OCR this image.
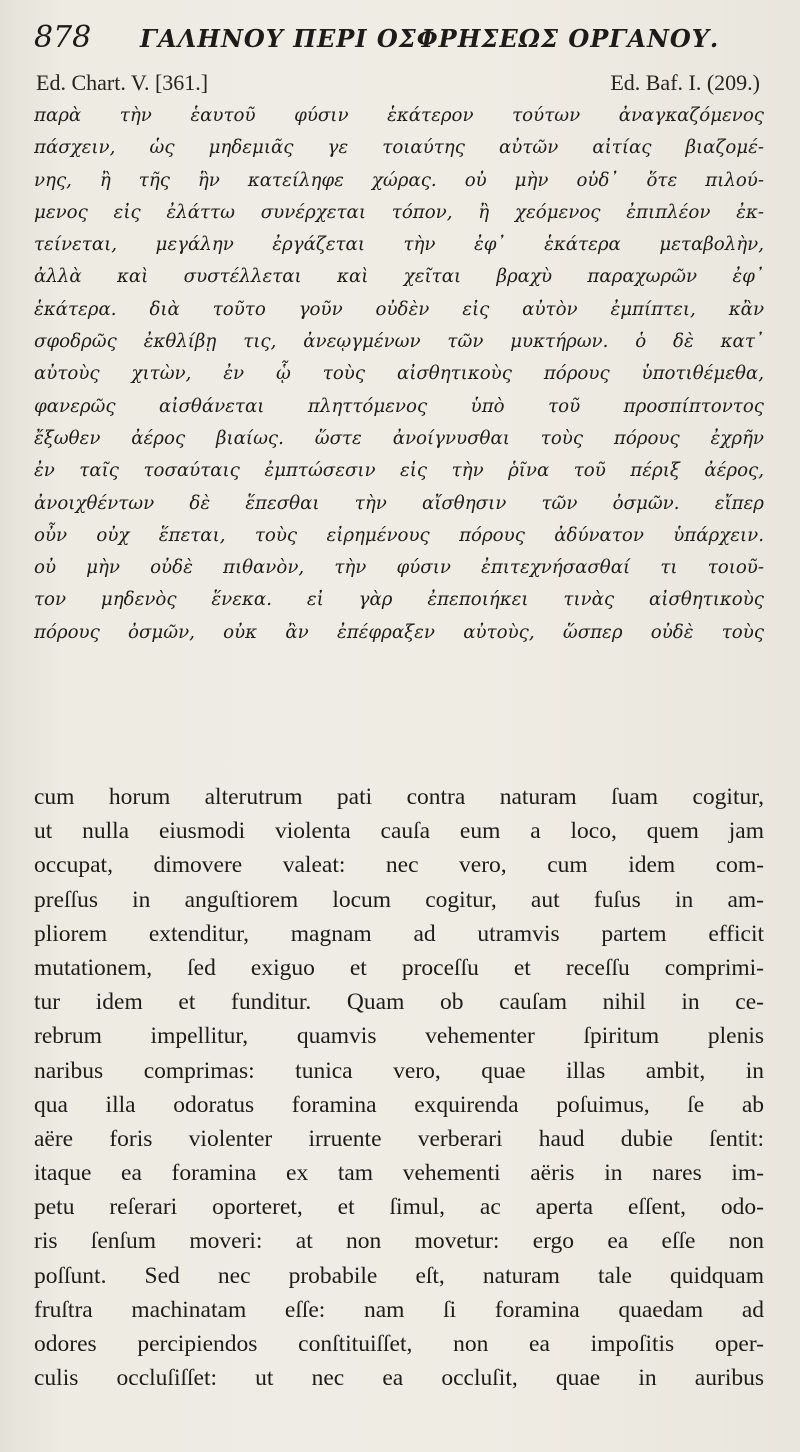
878 ΓΑΛΗΝΟΥ ΠΕΡΙ ΟΣΦΡΗΣΕΩΣ ΟΡΓΑΝΟΥ.
Ed. Chart. V. [361.]	Ed. Baf. I. (209.)
παρὰ τὴν ἑαυτοῦ φύσιν ἑκάτερον τούτων ἀναγκαζόμενος
πάσχειν, ὡς μηδεμιᾶς γε τοιαύτης αὐτῶν αἰτίας βιαζομέ-
νης, ἢ τῆς ἣν κατείληφε χώρας. οὐ μὴν οὐδ᾽ ὅτε πιλού-
μενος εἰς ἐλάττω συνέρχεται τόπον, ἢ χεόμενος ἐπιπλέον ἐκ-
τείνεται, μεγάλην ἐργάζεται τὴν ἐφ᾽ ἑκάτερα μεταβολὴν,
ἀλλὰ καὶ συστέλλεται καὶ χεῖται βραχὺ παραχωρῶν ἐφ᾽
ἑκάτερα. διὰ τοῦτο γοῦν οὐδὲν εἰς αὐτὸν ἐμπίπτει, κἂν
σφοδρῶς ἐκθλίβῃ τις, ἀνεῳγμένων τῶν μυκτήρων. ὁ δὲ κατ᾽
αὐτοὺς χιτὼν, ἐν ᾧ τοὺς αἰσθητικοὺς πόρους ὑποτιθέμεθα,
φανερῶς αἰσθάνεται πληττόμενος ὑπὸ τοῦ προσπίπτοντος
ἔξωθεν ἀέρος βιαίως. ὥστε ἀνοίγνυσθαι τοὺς πόρους ἐχρῆν
ἐν ταῖς τοσαύταις ἐμπτώσεσιν εἰς τὴν ῥῖνα τοῦ πέριξ ἀέρος,
ἀνοιχθέντων δὲ ἕπεσθαι τὴν αἴσθησιν τῶν ὀσμῶν. εἴπερ
οὖν οὐχ ἕπεται, τοὺς εἰρημένους πόρους ἀδύνατον ὑπάρχειν.
οὐ μὴν οὐδὲ πιθανὸν, τὴν φύσιν ἐπιτεχνήσασθαί τι τοιοῦ-
τον μηδενὸς ἕνεκα. εἰ γὰρ ἐπεποιήκει τινὰς αἰσθητικοὺς
πόρους ὀσμῶν, οὐκ ἂν ἐπέφραξεν αὐτοὺς, ὥσπερ οὐδὲ τοὺς
cum horum alterutrum pati contra naturam ſuam cogitur,
ut nulla eiusmodi violenta cauſa eum a loco, quem jam
occupat, dimovere valeat: nec vero, cum idem com-
preſſus in anguſtiorem locum cogitur, aut fuſus in am-
pliorem extenditur, magnam ad utramvis partem efficit
mutationem, ſed exiguo et proceſſu et receſſu comprimi-
tur idem et funditur. Quam ob cauſam nihil in ce-
rebrum impellitur, quamvis vehementer ſpiritum plenis
naribus comprimas: tunica vero, quae illas ambit, in
qua illa odoratus foramina exquirenda poſuimus, ſe ab
aëre foris violenter irruente verberari haud dubie ſentit:
itaque ea foramina ex tam vehementi aëris in nares im-
petu reſerari oporteret, et ſimul, ac aperta eſſent, odo-
ris ſenſum moveri: at non movetur: ergo ea eſſe non
poſſunt. Sed nec probabile eſt, naturam tale quidquam
fruſtra machinatam eſſe: nam ſi foramina quaedam ad
odores percipiendos conſtituiſſet, non ea impoſitis oper-
culis occluſiſſet: ut nec ea occluſit, quae in auribus
